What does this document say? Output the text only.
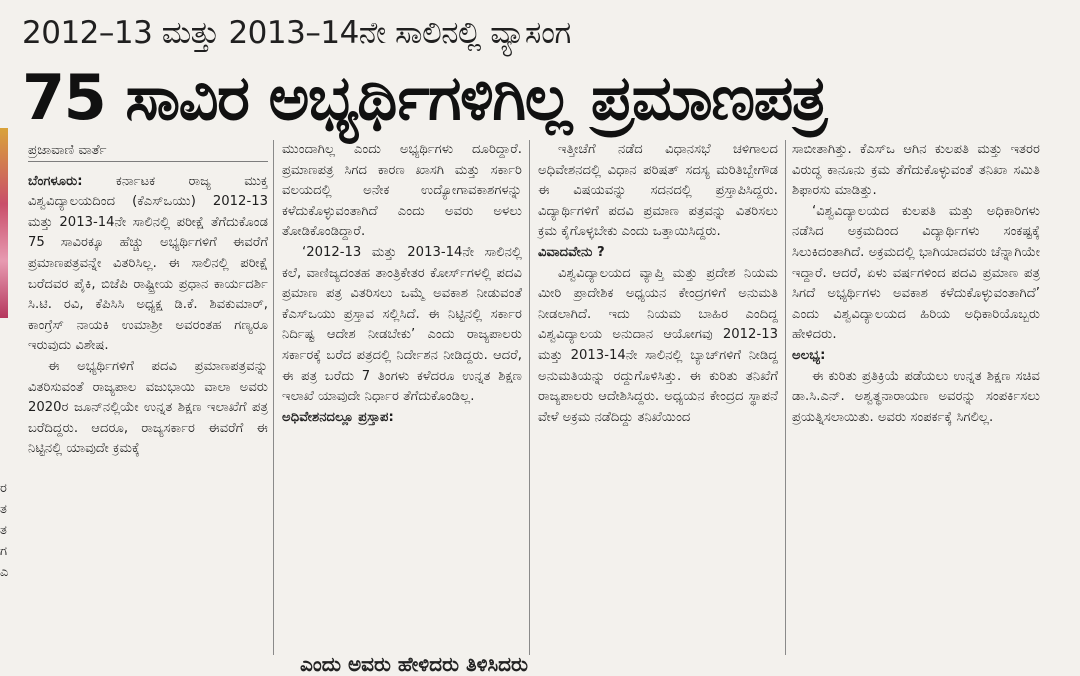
ರ ತ ತ ಗ ಎ
2012–13 ಮತ್ತು 2013–14ನೇ ಸಾಲಿನಲ್ಲಿ ವ್ಯಾಸಂಗ
75 ಸಾವಿರ ಅಭ್ಯರ್ಥಿಗಳಿಗಿಲ್ಲ ಪ್ರಮಾಣಪತ್ರ

ಪ್ರಜಾವಾಣಿ ವಾರ್ತೆ

ಬೆಂಗಳೂರು:	ಕರ್ನಾಟಕ ರಾಜ್ಯ ಮುಕ್ತ ವಿಶ್ವವಿದ್ಯಾಲಯದಿಂದ (ಕೆಎಸ್‌ಒಯು) 2012-13 ಮತ್ತು 2013-14ನೇ ಸಾಲಿನಲ್ಲಿ ಪರೀಕ್ಷೆ ತೆಗೆದುಕೊಂಡ 75 ಸಾವಿರಕ್ಕೂ ಹೆಚ್ಚು ಅಭ್ಯರ್ಥಿಗಳಿಗೆ ಈವರೆಗೆ ಪ್ರಮಾಣಪತ್ರವನ್ನೇ ವಿತರಿಸಿಲ್ಲ. ಈ ಸಾಲಿನಲ್ಲಿ ಪರೀಕ್ಷೆ ಬರೆದವರ ಪೈಕಿ, ಬಿಜೆಪಿ ರಾಷ್ಟ್ರೀಯ ಪ್ರಧಾನ ಕಾರ್ಯದರ್ಶಿ ಸಿ.ಟಿ. ರವಿ, ಕೆಪಿಸಿಸಿ ಅಧ್ಯಕ್ಷ ಡಿ.ಕೆ. ಶಿವಕುಮಾರ್, ಕಾಂಗ್ರೆಸ್ ನಾಯಕಿ ಉಮಾಶ್ರೀ ಅವರಂತಹ ಗಣ್ಯರೂ ಇರುವುದು ವಿಶೇಷ.

ಈ ಅಭ್ಯರ್ಥಿಗಳಿಗೆ ಪದವಿ ಪ್ರಮಾಣಪತ್ರವನ್ನು ವಿತರಿಸುವಂತೆ ರಾಜ್ಯಪಾಲ ವಜುಭಾಯಿ ವಾಲಾ ಅವರು 2020ರ ಜೂನ್‌ನಲ್ಲಿಯೇ ಉನ್ನತ ಶಿಕ್ಷಣ ಇಲಾಖೆಗೆ ಪತ್ರ ಬರೆದಿದ್ದರು. ಆದರೂ, ರಾಜ್ಯಸರ್ಕಾರ ಈವರೆಗೆ ಈ ನಿಟ್ಟಿನಲ್ಲಿ ಯಾವುದೇ ಕ್ರಮಕ್ಕೆ

ಮುಂದಾಗಿಲ್ಲ ಎಂದು ಅಭ್ಯರ್ಥಿಗಳು ದೂರಿದ್ದಾರೆ. ಪ್ರಮಾಣಪತ್ರ ಸಿಗದ ಕಾರಣ ಖಾಸಗಿ ಮತ್ತು ಸರ್ಕಾರಿ ವಲಯದಲ್ಲಿ ಅನೇಕ ಉದ್ಯೋಗಾವಕಾಶಗಳನ್ನು ಕಳೆದುಕೊಳ್ಳುವಂತಾಗಿದೆ ಎಂದು ಅವರು ಅಳಲು ತೋಡಿಕೊಂಡಿದ್ದಾರೆ.

‘2012-13 ಮತ್ತು 2013-14ನೇ ಸಾಲಿನಲ್ಲಿ ಕಲೆ, ವಾಣಿಜ್ಯದಂತಹ ತಾಂತ್ರಿಕೇತರ ಕೋರ್ಸ್‌ಗಳಲ್ಲಿ ಪದವಿ ಪ್ರಮಾಣ ಪತ್ರ ವಿತರಿಸಲು ಒಮ್ಮೆ ಅವಕಾಶ ನೀಡುವಂತೆ ಕೆಎಸ್‌ಒಯು ಪ್ರಸ್ತಾವ ಸಲ್ಲಿಸಿದೆ. ಈ ನಿಟ್ಟಿನಲ್ಲಿ ಸರ್ಕಾರ ನಿರ್ದಿಷ್ಟ ಆದೇಶ ನೀಡಬೇಕು’ ಎಂದು ರಾಜ್ಯಪಾಲರು ಸರ್ಕಾರಕ್ಕೆ ಬರೆದ ಪತ್ರದಲ್ಲಿ ನಿರ್ದೇಶನ ನೀಡಿದ್ದರು. ಆದರೆ, ಈ ಪತ್ರ ಬರೆದು 7 ತಿಂಗಳು ಕಳೆದರೂ ಉನ್ನತ ಶಿಕ್ಷಣ ಇಲಾಖೆ ಯಾವುದೇ ನಿರ್ಧಾರ ತೆಗೆದುಕೊಂಡಿಲ್ಲ.

ಅಧಿವೇಶನದಲ್ಲೂ ಪ್ರಸ್ತಾಪ:

ಇತ್ತೀಚೆಗೆ ನಡೆದ ವಿಧಾನಸಭೆ ಚಳಿಗಾಲದ ಅಧಿವೇಶನದಲ್ಲಿ ವಿಧಾನ ಪರಿಷತ್ ಸದಸ್ಯ ಮರಿತಿಬ್ಬೇಗೌಡ ಈ ವಿಷಯವನ್ನು ಸದನದಲ್ಲಿ ಪ್ರಸ್ತಾಪಿಸಿದ್ದರು. ವಿದ್ಯಾರ್ಥಿಗಳಿಗೆ ಪದವಿ ಪ್ರಮಾಣ ಪತ್ರವನ್ನು ವಿತರಿಸಲು ಕ್ರಮ ಕೈಗೊಳ್ಳಬೇಕು ಎಂದು ಒತ್ತಾಯಿಸಿದ್ದರು.

ವಿವಾದವೇನು ?

ವಿಶ್ವವಿದ್ಯಾಲಯದ ವ್ಯಾಪ್ತಿ ಮತ್ತು ಪ್ರದೇಶ ನಿಯಮ ಮೀರಿ ಪ್ರಾದೇಶಿಕ ಅಧ್ಯಯನ ಕೇಂದ್ರಗಳಿಗೆ ಅನುಮತಿ ನೀಡಲಾಗಿದೆ. ಇದು ನಿಯಮ ಬಾಹಿರ ಎಂದಿದ್ದ ವಿಶ್ವವಿದ್ಯಾಲಯ ಅನುದಾನ ಆಯೋಗವು 2012-13 ಮತ್ತು 2013-14ನೇ ಸಾಲಿನಲ್ಲಿ ಬ್ಯಾಚ್‌ಗಳಿಗೆ ನೀಡಿದ್ದ ಅನುಮತಿಯನ್ನು ರದ್ದುಗೊಳಿಸಿತ್ತು. ಈ ಕುರಿತು ತನಿಖೆಗೆ ರಾಜ್ಯಪಾಲರು ಆದೇಶಿಸಿದ್ದರು. ಅಧ್ಯಯನ ಕೇಂದ್ರದ ಸ್ಥಾಪನೆ ವೇಳೆ ಅಕ್ರಮ ನಡೆದಿದ್ದು ತನಿಖೆಯಿಂದ

ಸಾಬೀತಾಗಿತ್ತು. ಕೆಎಸ್‌ಒ ಆಗಿನ ಕುಲಪತಿ ಮತ್ತು ಇತರರ ವಿರುದ್ಧ ಕಾನೂನು ಕ್ರಮ ತೆಗೆದುಕೊಳ್ಳುವಂತೆ ತನಿಖಾ ಸಮಿತಿ ಶಿಫಾರಸು ಮಾಡಿತ್ತು.

‘ವಿಶ್ವವಿದ್ಯಾಲಯದ ಕುಲಪತಿ ಮತ್ತು ಅಧಿಕಾರಿಗಳು ನಡೆಸಿದ ಅಕ್ರಮದಿಂದ ವಿದ್ಯಾರ್ಥಿಗಳು ಸಂಕಷ್ಟಕ್ಕೆ ಸಿಲುಕಿದಂತಾಗಿದೆ. ಅಕ್ರಮದಲ್ಲಿ ಭಾಗಿಯಾದವರು ಚೆನ್ನಾಗಿಯೇ ಇದ್ದಾರೆ. ಆದರೆ, ಏಳು ವರ್ಷಗಳಿಂದ ಪದವಿ ಪ್ರಮಾಣ ಪತ್ರ ಸಿಗದೆ ಅಭ್ಯರ್ಥಿಗಳು ಅವಕಾಶ ಕಳೆದುಕೊಳ್ಳುವಂತಾಗಿದೆ’ ಎಂದು ವಿಶ್ವವಿದ್ಯಾಲಯದ ಹಿರಿಯ ಅಧಿಕಾರಿಯೊಬ್ಬರು ಹೇಳಿದರು.

ಅಲಭ್ಯ:

ಈ ಕುರಿತು ಪ್ರತಿಕ್ರಿಯೆ ಪಡೆಯಲು ಉನ್ನತ ಶಿಕ್ಷಣ ಸಚಿವ ಡಾ.ಸಿ.ಎನ್. ಅಶ್ವತ್ಥನಾರಾಯಣ ಅವರನ್ನು ಸಂಪರ್ಕಿಸಲು ಪ್ರಯತ್ನಿಸಲಾಯಿತು. ಅವರು ಸಂಪರ್ಕಕ್ಕೆ ಸಿಗಲಿಲ್ಲ.

ಎಂದು ಅವರು ಹೇಳಿದರು ತಿಳಿಸಿದರು
